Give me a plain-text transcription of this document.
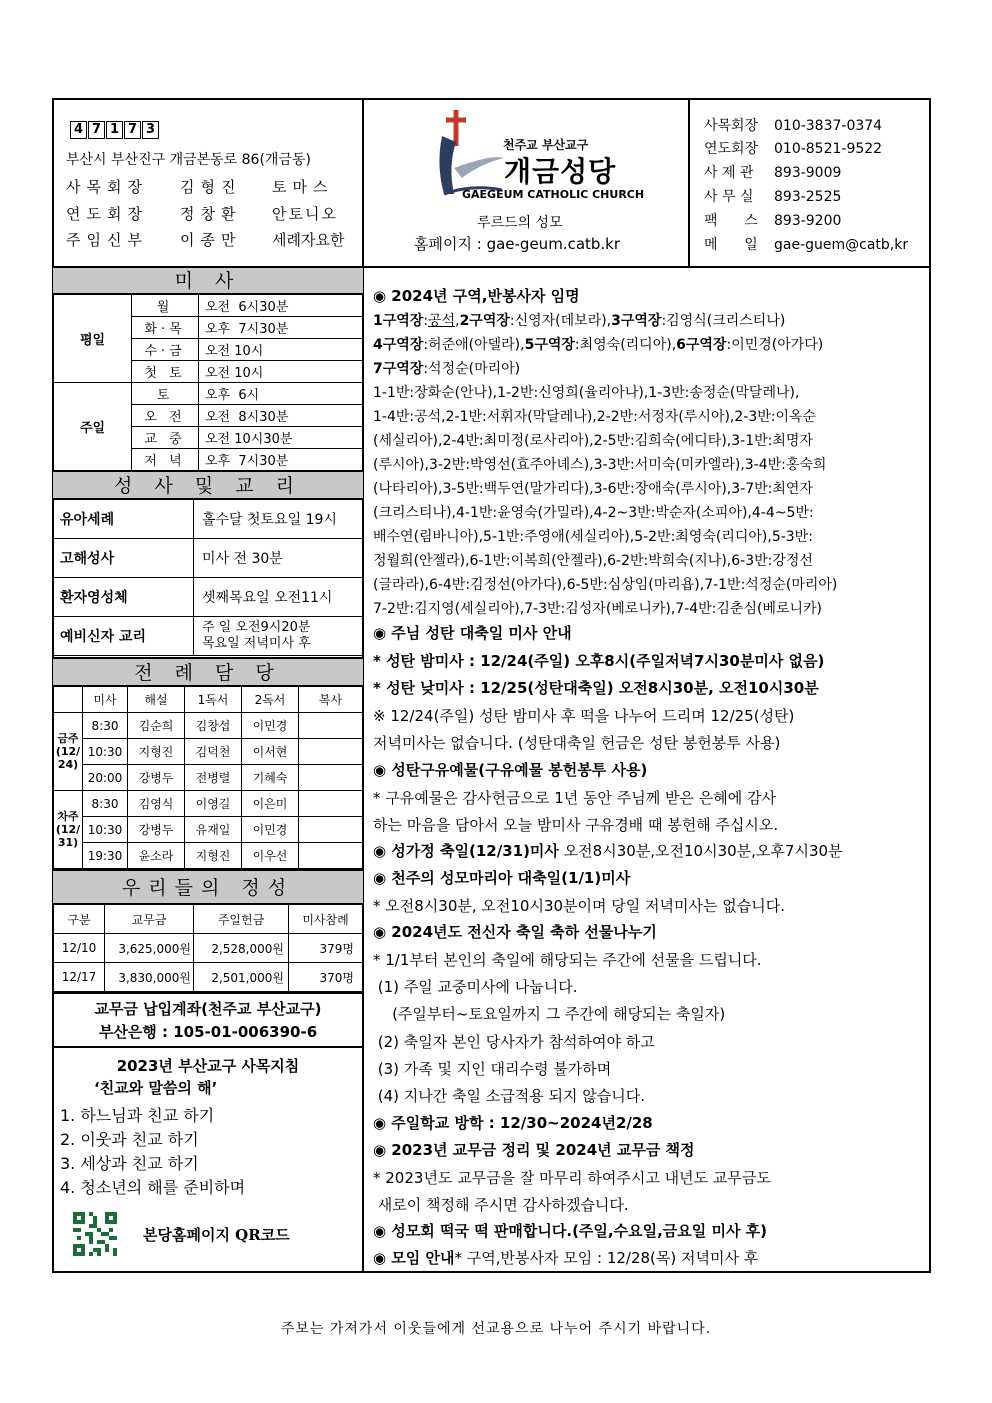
4 7 1 7 3
부산시 부산진구 개금본동로 86(개금동)
사목회장 김형진 토마스
연도회장 정창환 안토니오
주임신부 이종만 세례자요한
천주교 부산교구
개금성당
GAEGEUM CATHOLIC CHURCH
루르드의 성모
홈페이지 : gae-geum.catb.kr
사목회장 010-3837-0374
연도회장 010-8521-9522
사 제 관 893-9009
사 무 실 893-2525
팩      스 893-9200
메      일 gae-guem@catb,kr
미 사
평일	월	오전  6시30분
	화·목	오후  7시30분
	수·금	오전 10시
	첫 토	오전 10시
주일	토	오후  6시
	오 전	오전  8시30분
	교 중	오전 10시30분
	저 녁	오후  7시30분
성 사 및 교 리
유아세례	홀수달 첫토요일 19시
고해성사	미사 전 30분
환자영성체	셋째목요일 오전11시
예비신자 교리	주 일 오전9시20분
목요일 저녁미사 후
전 례 담 당
	미사	해설	1독서	2독서	복사
금주(12/24)	8:30	김순희	김창섭	이민경	
	10:30	지형진	김덕천	이서현	
	20:00	강병두	전병렬	기혜숙	
차주(12/31)	8:30	김영식	이영길	이은미	
	10:30	강병두	유재일	이민경	
	19:30	윤소라	지형진	이우선	
우리들의 정성
구분	교무금	주일헌금	미사참례
12/10	3,625,000원	2,528,000원	379명
12/17	3,830,000원	2,501,000원	370명
교무금 납입계좌(천주교 부산교구)
부산은행 : 105-01-006390-6
2023년 부산교구 사목지침
‘친교와 말씀의 해’
1. 하느님과 친교 하기
2. 이웃과 친교 하기
3. 세상과 친교 하기
4. 청소년의 해를 준비하며
본당홈페이지 QR코드
◉ 2024년 구역,반봉사자 임명
1구역장:공석,2구역장:신영자(데보라),3구역장:김영식(크리스티나)
4구역장:허준애(아델라),5구역장:최영숙(리디아),6구역장:이민경(아가다)
7구역장:석정순(마리아)
1-1반:장화순(안나),1-2반:신영희(율리아나),1-3반:송정순(막달레나),
1-4반:공석,2-1반:서휘자(막달레나),2-2반:서정자(루시아),2-3반:이옥순
(세실리아),2-4반:최미정(로사리아),2-5반:김희숙(에디타),3-1반:최명자
(루시아),3-2반:박영선(효주아녜스),3-3반:서미숙(미카엘라),3-4반:홍숙희
(나타리아),3-5반:백두연(말가리다),3-6반:장애숙(루시아),3-7반:최연자
(크리스티나),4-1반:윤영숙(가밀라),4-2~3반:박순자(소피아),4-4~5반:
배수연(림바니아),5-1반:주영애(세실리아),5-2반:최영숙(리디아),5-3반:
정월희(안젤라),6-1반:이복희(안젤라),6-2반:박희숙(지나),6-3반:강정선
(글라라),6-4반:김정선(아가다),6-5반:심상임(마리욥),7-1반:석정순(마리아)
7-2반:김지영(세실리아),7-3반:김성자(베로니카),7-4반:김춘심(베로니카)
◉ 주님 성탄 대축일 미사 안내
* 성탄 밤미사 : 12/24(주일) 오후8시(주일저녁7시30분미사 없음)
* 성탄 낮미사 : 12/25(성탄대축일) 오전8시30분, 오전10시30분
※ 12/24(주일) 성탄 밤미사 후 떡을 나누어 드리며 12/25(성탄)
저녁미사는 없습니다. (성탄대축일 헌금은 성탄 봉헌봉투 사용)
◉ 성탄구유예물(구유예물 봉헌봉투 사용)
* 구유예물은 감사헌금으로 1년 동안 주님께 받은 은혜에 감사
하는 마음을 담아서 오늘 밤미사 구유경배 때 봉헌해 주십시오.
◉ 성가정 축일(12/31)미사 오전8시30분,오전10시30분,오후7시30분
◉ 천주의 성모마리아 대축일(1/1)미사
* 오전8시30분, 오전10시30분이며 당일 저녁미사는 없습니다.
◉ 2024년도 전신자 축일 축하 선물나누기
* 1/1부터 본인의 축일에 해당되는 주간에 선물을 드립니다.
(1) 주일 교중미사에 나눕니다.
(주일부터~토요일까지 그 주간에 해당되는 축일자)
(2) 축일자 본인 당사자가 참석하여야 하고
(3) 가족 및 지인 대리수령 불가하며
(4) 지나간 축일 소급적용 되지 않습니다.
◉ 주일학교 방학 : 12/30~2024년2/28
◉ 2023년 교무금 정리 및 2024년 교무금 책정
* 2023년도 교무금을 잘 마무리 하여주시고 내년도 교무금도
새로이 책정해 주시면 감사하겠습니다.
◉ 성모회 떡국 떡 판매합니다.(주일,수요일,금요일 미사 후)
◉ 모임 안내* 구역,반봉사자 모임 : 12/28(목) 저녁미사 후
주보는 가져가서 이웃들에게 선교용으로 나누어 주시기 바랍니다.
